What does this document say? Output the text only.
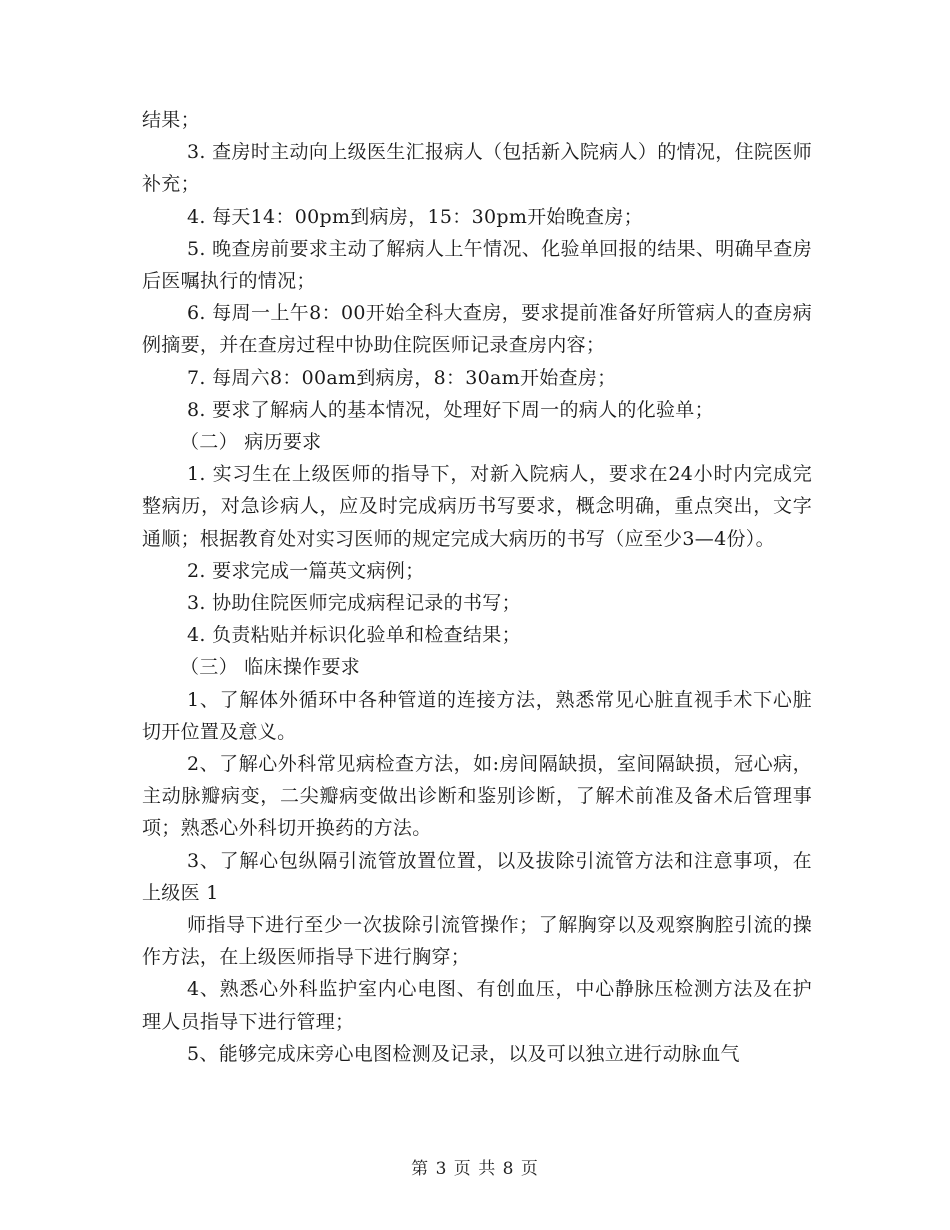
结果；

3. 查房时主动向上级医生汇报病人（包括新入院病人）的情况，住院医师补充；

4. 每天14：00pm到病房，15：30pm开始晚查房；

5. 晚查房前要求主动了解病人上午情况、化验单回报的结果、明确早查房后医嘱执行的情况；

6. 每周一上午8：00开始全科大查房，要求提前准备好所管病人的查房病例摘要，并在查房过程中协助住院医师记录查房内容；

7. 每周六8：00am到病房，8：30am开始查房；

8. 要求了解病人的基本情况，处理好下周一的病人的化验单；

（二） 病历要求

1. 实习生在上级医师的指导下，对新入院病人，要求在24小时内完成完整病历，对急诊病人，应及时完成病历书写要求，概念明确，重点突出，文字通顺；根据教育处对实习医师的规定完成大病历的书写（应至少3—4份）。

2. 要求完成一篇英文病例；

3. 协助住院医师完成病程记录的书写；

4. 负责粘贴并标识化验单和检查结果；

（三） 临床操作要求

1、了解体外循环中各种管道的连接方法，熟悉常见心脏直视手术下心脏切开位置及意义。

2、了解心外科常见病检查方法，如:房间隔缺损，室间隔缺损，冠心病，主动脉瓣病变，二尖瓣病变做出诊断和鉴别诊断，了解术前准及备术后管理事项；熟悉心外科切开换药的方法。

3、了解心包纵隔引流管放置位置，以及拔除引流管方法和注意事项，在上级医 1

师指导下进行至少一次拔除引流管操作；了解胸穿以及观察胸腔引流的操作方法，在上级医师指导下进行胸穿；

4、熟悉心外科监护室内心电图、有创血压，中心静脉压检测方法及在护理人员指导下进行管理；

5、能够完成床旁心电图检测及记录，以及可以独立进行动脉血气

第 3 页 共 8 页
